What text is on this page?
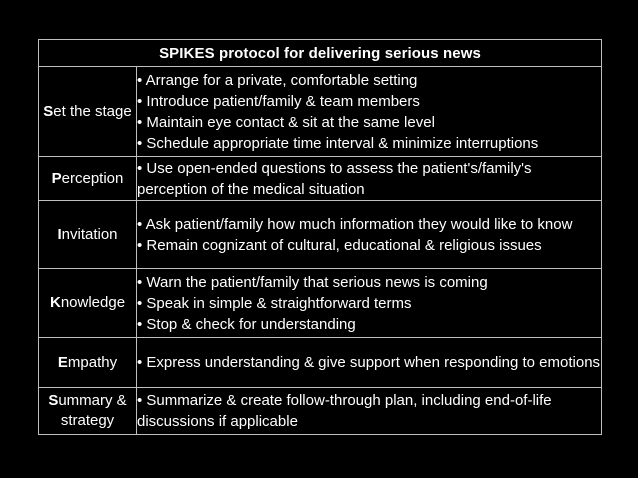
SPIKES protocol for delivering serious news	
Set the stage	• Arrange for a private, comfortable setting
• Introduce patient/family & team members
• Maintain eye contact & sit at the same level
• Schedule appropriate time interval & minimize interruptions

Perception	• Use open-ended questions to assess the patient's/family's perception of the medical situation

Invitation	• Ask patient/family how much information they would like to know
• Remain cognizant of cultural, educational & religious issues

Knowledge	• Warn the patient/family that serious news is coming
• Speak in simple & straightforward terms
• Stop & check for understanding

Empathy	• Express understanding & give support when responding to emotions

Summary & strategy	• Summarize & create follow-through plan, including end-of-life discussions if applicable
